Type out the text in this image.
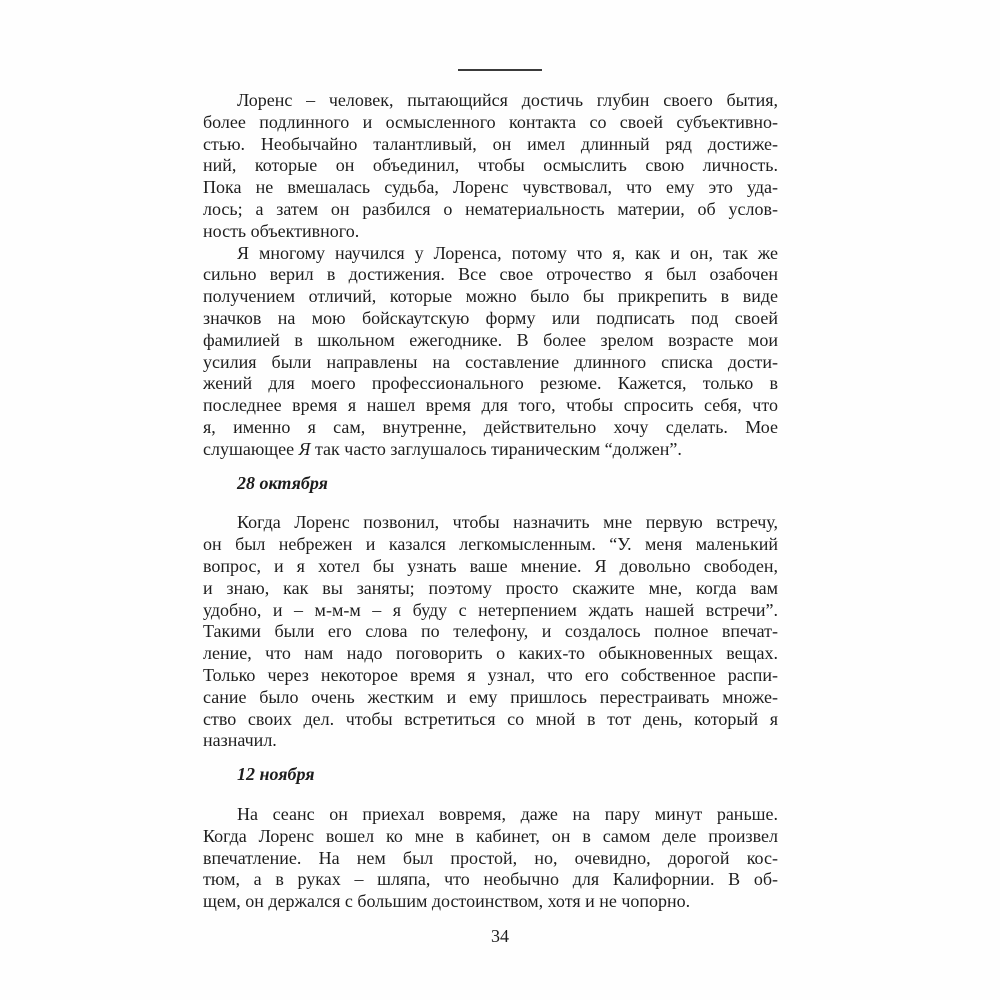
Лоренс – человек, пытающийся достичь глубин своего бытия,
более подлинного и осмысленного контакта со своей субъективно-
стью. Необычайно талантливый, он имел длинный ряд достиже-
ний, которые он объединил, чтобы осмыслить свою личность.
Пока не вмешалась судьба, Лоренс чувствовал, что ему это уда-
лось; а затем он разбился о нематериальность материи, об услов-
ность объективного.

Я многому научился у Лоренса, потому что я, как и он, так же
сильно верил в достижения. Все свое отрочество я был озабочен
получением отличий, которые можно было бы прикрепить в виде
значков на мою бойскаутскую форму или подписать под своей
фамилией в школьном ежегоднике. В более зрелом возрасте мои
усилия были направлены на составление длинного списка дости-
жений для моего профессионального резюме. Кажется, только в
последнее время я нашел время для того, чтобы спросить себя, что
я, именно я сам, внутренне, действительно хочу сделать. Мое
слушающее Я так часто заглушалось тираническим “должен”.

28 октября

Когда Лоренс позвонил, чтобы назначить мне первую встречу,
он был небрежен и казался легкомысленным. “У. меня маленький
вопрос, и я хотел бы узнать ваше мнение. Я довольно свободен,
и знаю, как вы заняты; поэтому просто скажите мне, когда вам
удобно, и – м-м-м – я буду с нетерпением ждать нашей встречи”.
Такими были его слова по телефону, и создалось полное впечат-
ление, что нам надо поговорить о каких-то обыкновенных вещах.
Только через некоторое время я узнал, что его собственное распи-
сание было очень жестким и ему пришлось перестраивать множе-
ство своих дел. чтобы встретиться со мной в тот день, который я
назначил.

12 ноября

На сеанс он приехал вовремя, даже на пару минут раньше.
Когда Лоренс вошел ко мне в кабинет, он в самом деле произвел
впечатление. На нем был простой, но, очевидно, дорогой кос-
тюм, а в руках – шляпа, что необычно для Калифорнии. В об-
щем, он держался с большим достоинством, хотя и не чопорно.

34
